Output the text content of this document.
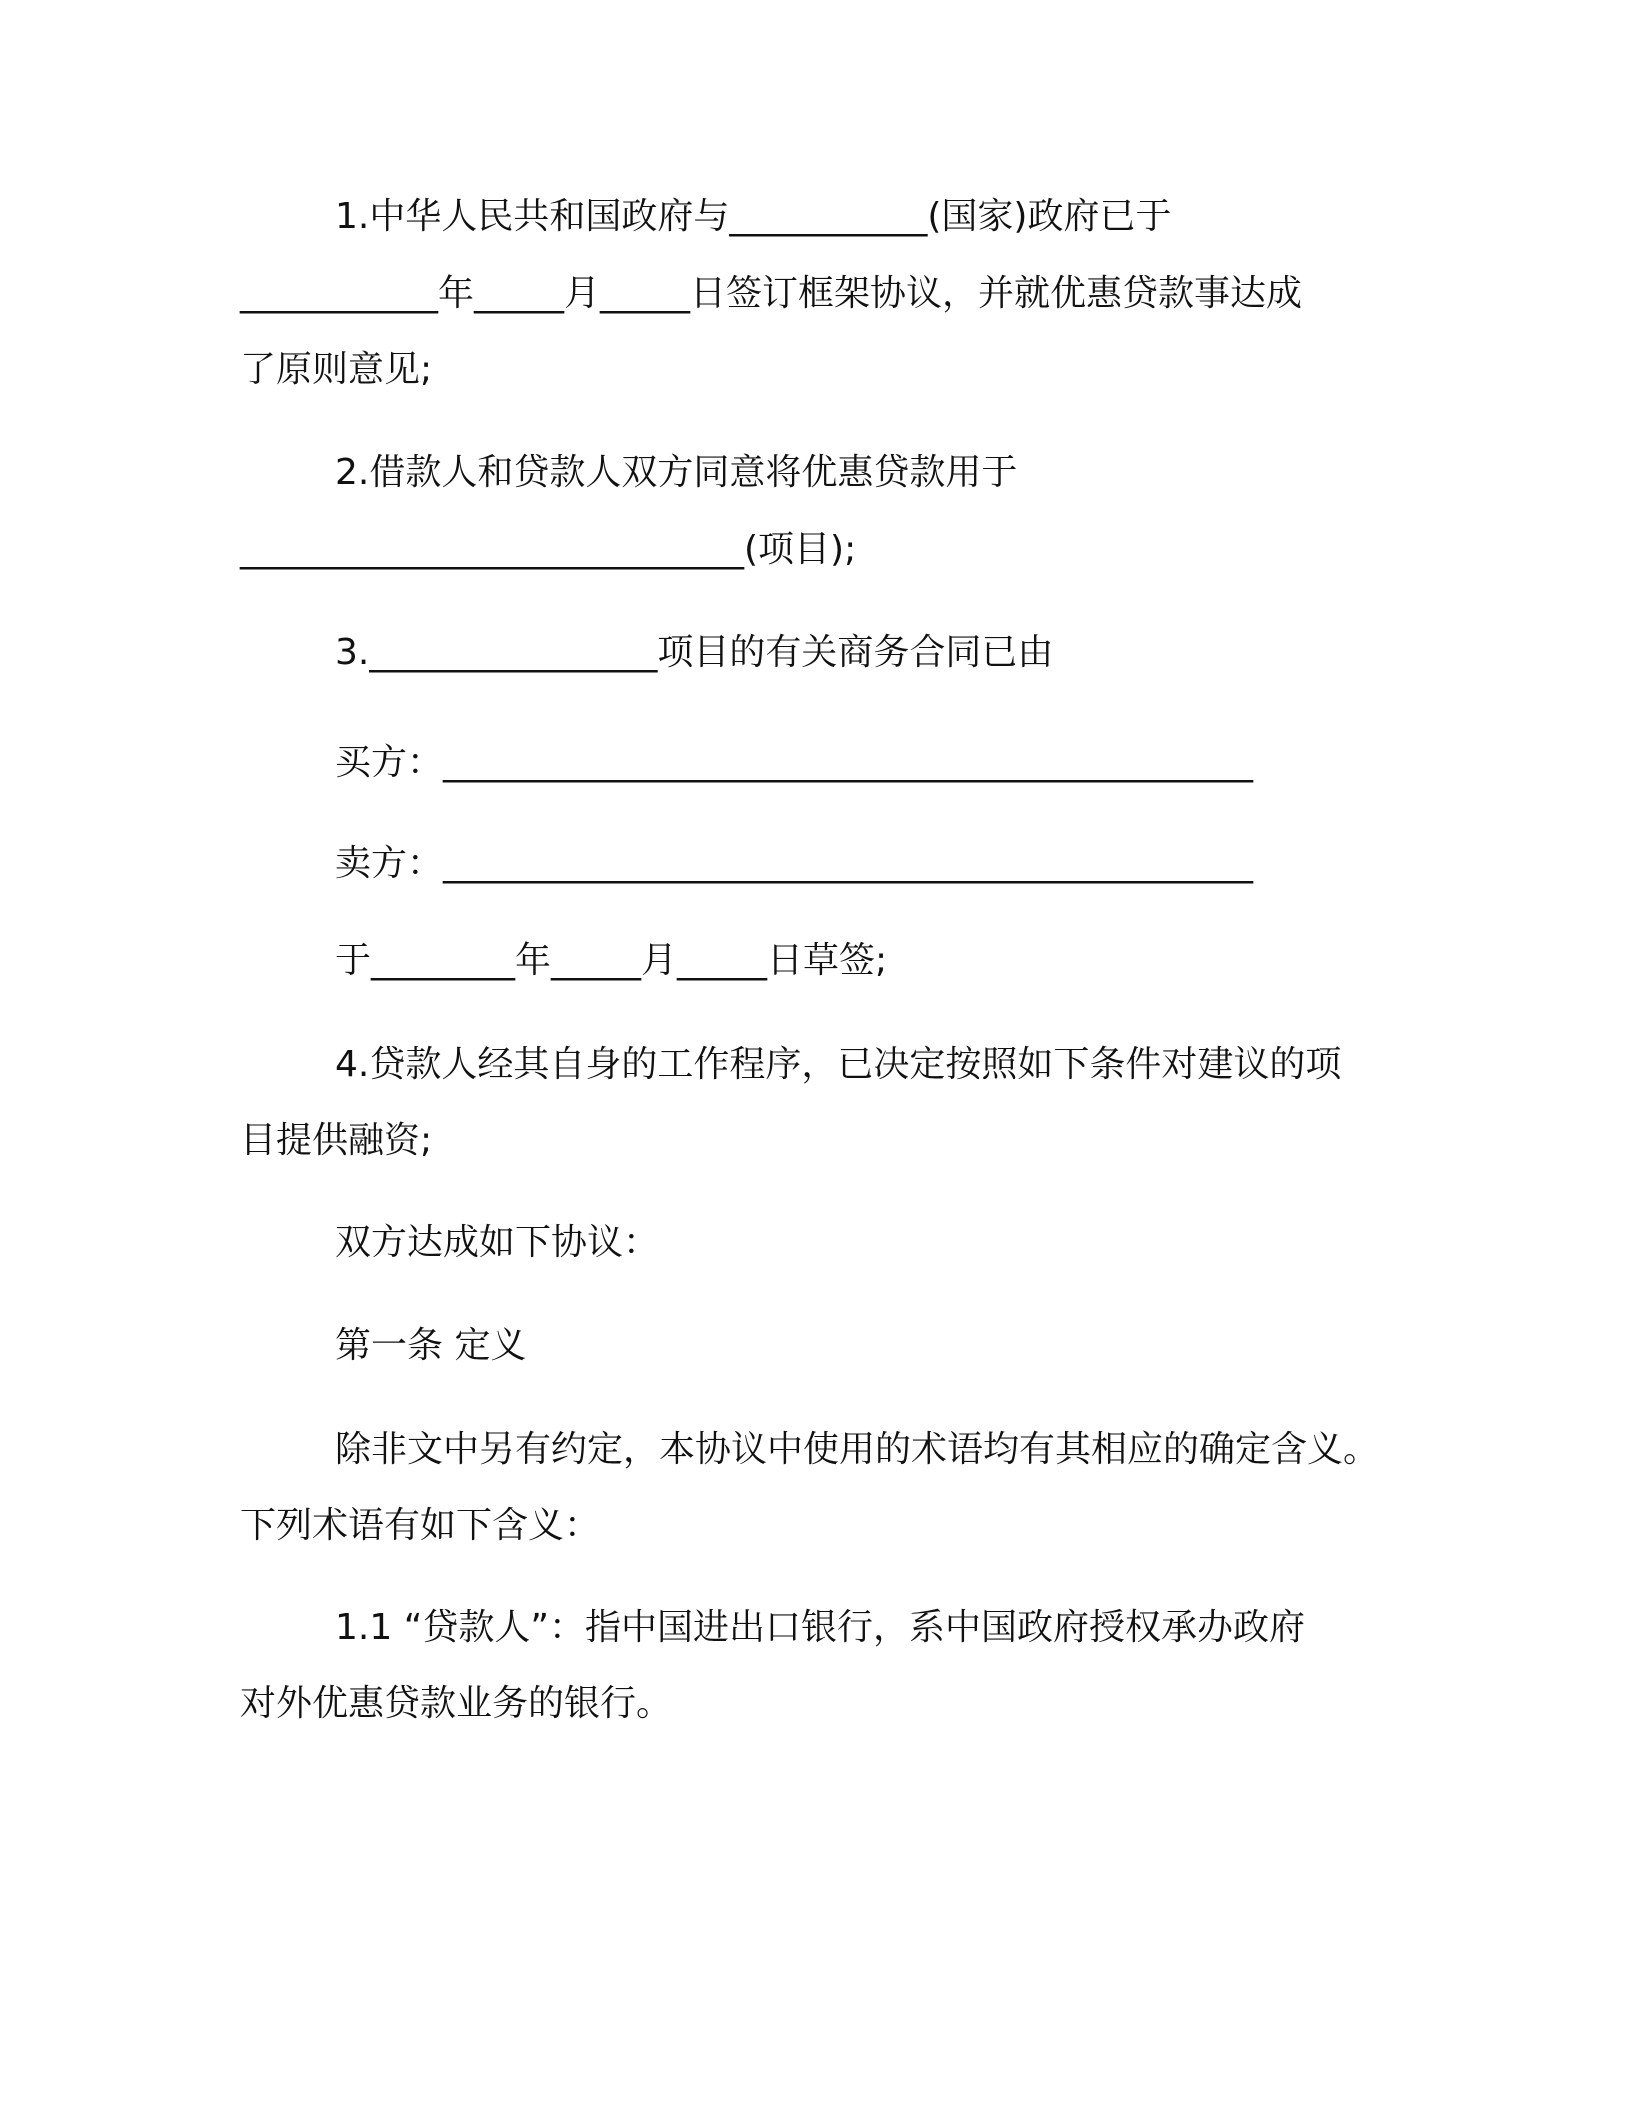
1.中华人民共和国政府与___________(国家)政府已于
___________年_____月_____日签订框架协议，并就优惠贷款事达成
了原则意见;
2.借款人和贷款人双方同意将优惠贷款用于
____________________________(项目);
3.________________项目的有关商务合同已由
买方：_____________________________________________
卖方：_____________________________________________
于________年_____月_____日草签;
4.贷款人经其自身的工作程序，已决定按照如下条件对建议的项
目提供融资;
双方达成如下协议：
第一条 定义
除非文中另有约定，本协议中使用的术语均有其相应的确定含义。
下列术语有如下含义：
1.1 “贷款人”：指中国进出口银行，系中国政府授权承办政府
对外优惠贷款业务的银行。
